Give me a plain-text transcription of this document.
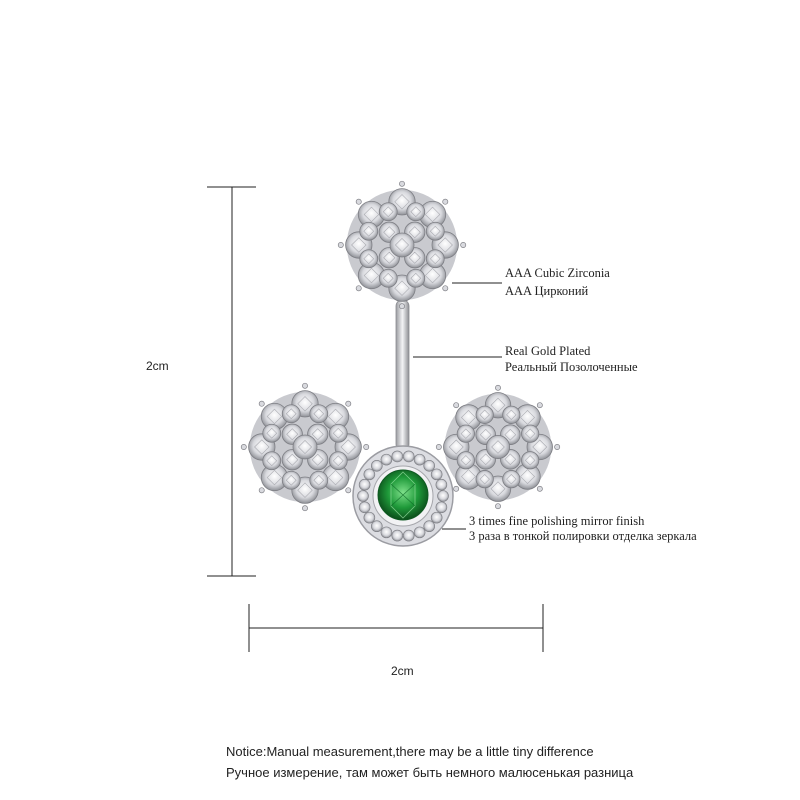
2cm
2cm
AAA Cubic Zirconia
AAA Цирконий
Real Gold Plated
Реальный Позолоченные
3 times fine polishing mirror finish
3 раза в тонкой полировки отделка зеркала
Notice:Manual measurement,there may be a little tiny difference
Ручное измерение, там может быть немного малюсенькая разница
